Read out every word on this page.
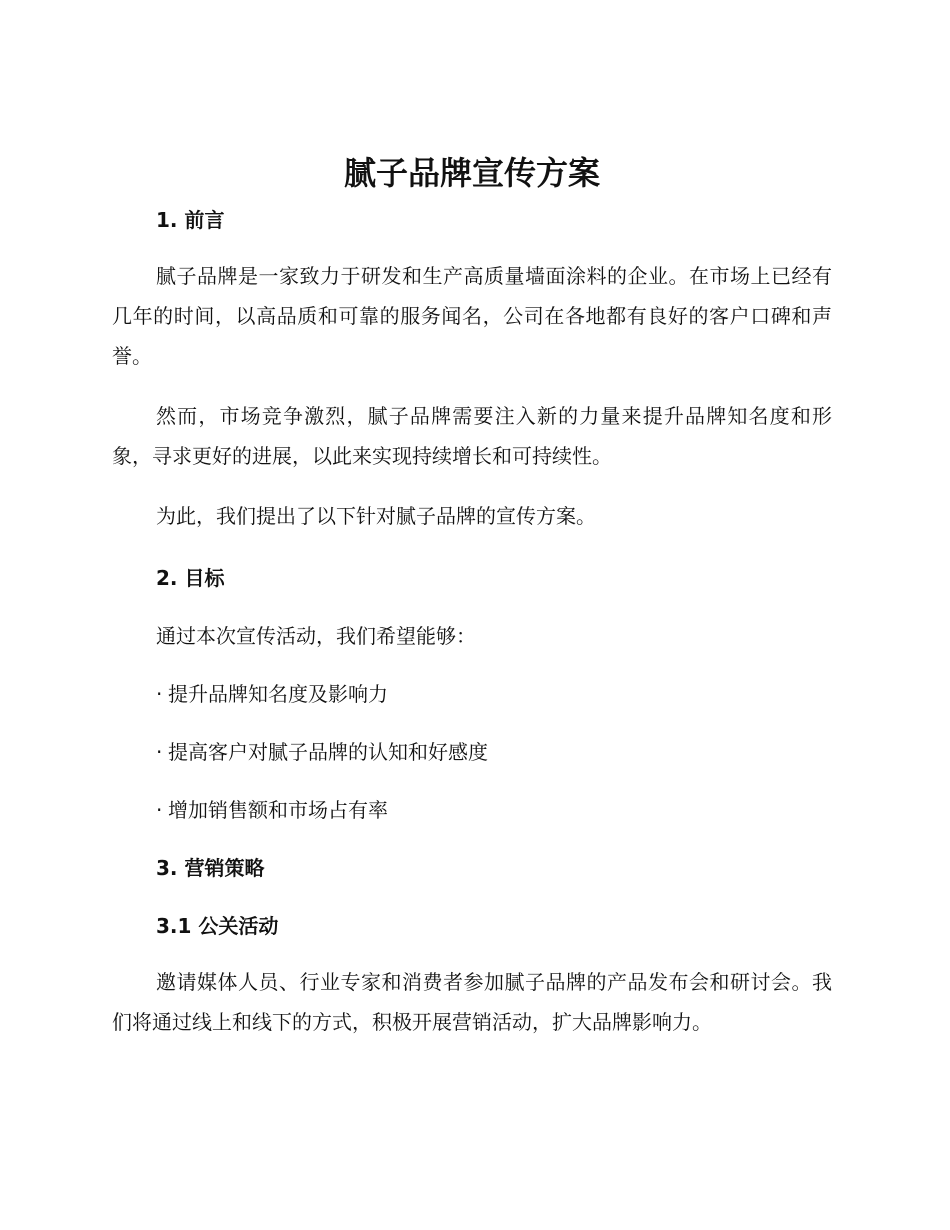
腻子品牌宣传方案
1. 前言

腻子品牌是一家致力于研发和生产高质量墙面涂料的企业。在市场上已经有几年的时间，以高品质和可靠的服务闻名，公司在各地都有良好的客户口碑和声誉。

然而，市场竞争激烈，腻子品牌需要注入新的力量来提升品牌知名度和形象，寻求更好的进展，以此来实现持续增长和可持续性。

为此，我们提出了以下针对腻子品牌的宣传方案。

2. 目标
通过本次宣传活动，我们希望能够：
· 提升品牌知名度及影响力
· 提高客户对腻子品牌的认知和好感度
· 增加销售额和市场占有率
3. 营销策略
3.1 公关活动

邀请媒体人员、行业专家和消费者参加腻子品牌的产品发布会和研讨会。我们将通过线上和线下的方式，积极开展营销活动，扩大品牌影响力。
